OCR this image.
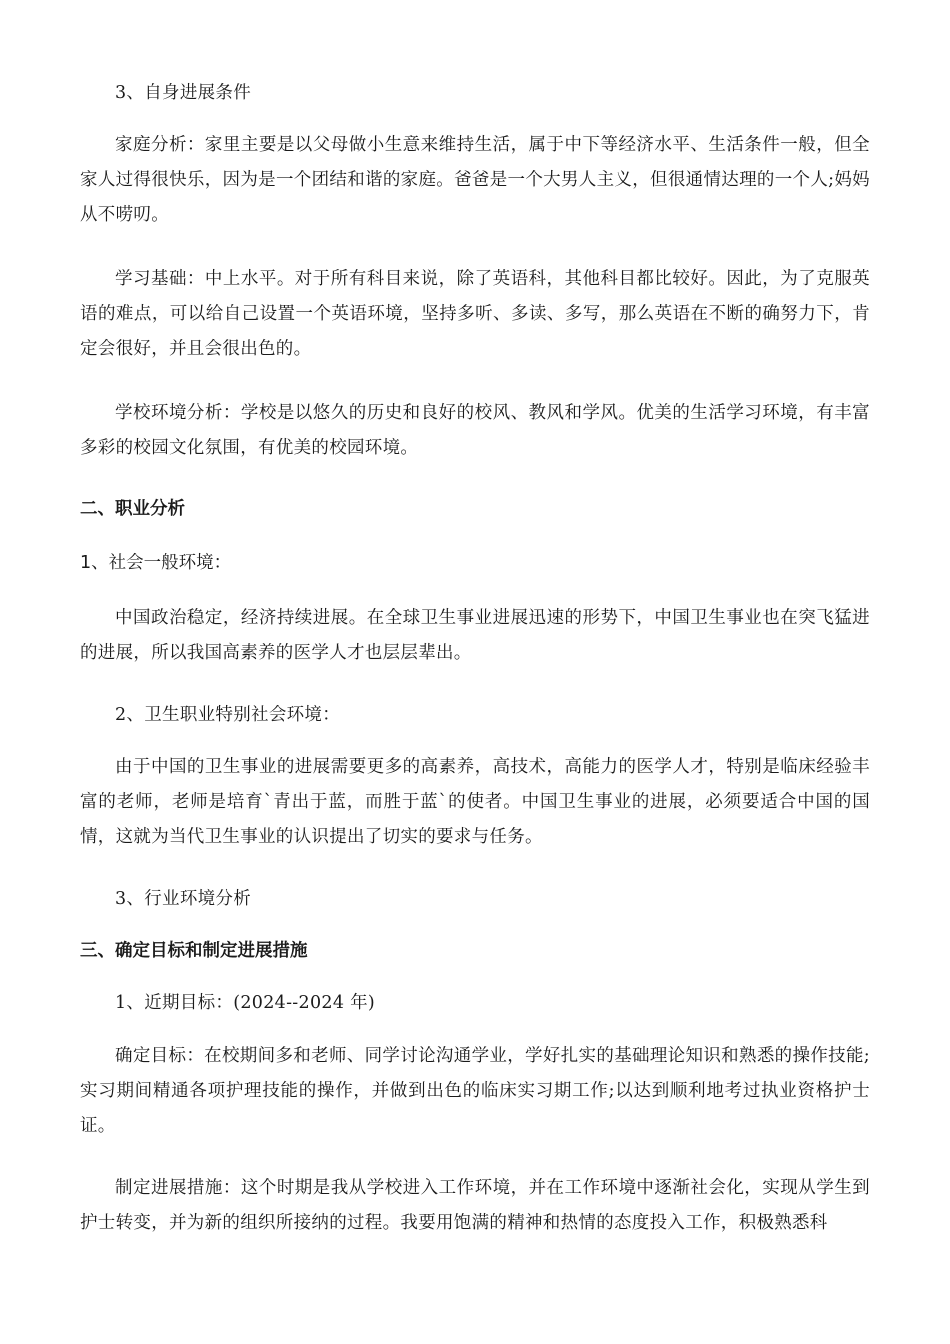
3、自身进展条件

家庭分析：家里主要是以父母做小生意来维持生活，属于中下等经济水平、生活条件一般，但全家人过得很快乐，因为是一个团结和谐的家庭。爸爸是一个大男人主义，但很通情达理的一个人;妈妈从不唠叨。

学习基础：中上水平。对于所有科目来说，除了英语科，其他科目都比较好。因此，为了克服英语的难点，可以给自己设置一个英语环境，坚持多听、多读、多写，那么英语在不断的确努力下，肯定会很好，并且会很出色的。

学校环境分析：学校是以悠久的历史和良好的校风、教风和学风。优美的生活学习环境，有丰富多彩的校园文化氛围，有优美的校园环境。

二、职业分析

1、社会一般环境：

中国政治稳定，经济持续进展。在全球卫生事业进展迅速的形势下，中国卫生事业也在突飞猛进的进展，所以我国高素养的医学人才也层层辈出。

2、卫生职业特别社会环境：

由于中国的卫生事业的进展需要更多的高素养，高技术，高能力的医学人才，特别是临床经验丰富的老师，老师是培育`青出于蓝，而胜于蓝`的使者。中国卫生事业的进展，必须要适合中国的国情，这就为当代卫生事业的认识提出了切实的要求与任务。

3、行业环境分析

三、确定目标和制定进展措施

1、近期目标：(2024--2024 年)

确定目标：在校期间多和老师、同学讨论沟通学业，学好扎实的基础理论知识和熟悉的操作技能;实习期间精通各项护理技能的操作，并做到出色的临床实习期工作;以达到顺利地考过执业资格护士证。

制定进展措施：这个时期是我从学校进入工作环境，并在工作环境中逐渐社会化，实现从学生到护士转变，并为新的组织所接纳的过程。我要用饱满的精神和热情的态度投入工作，积极熟悉科
